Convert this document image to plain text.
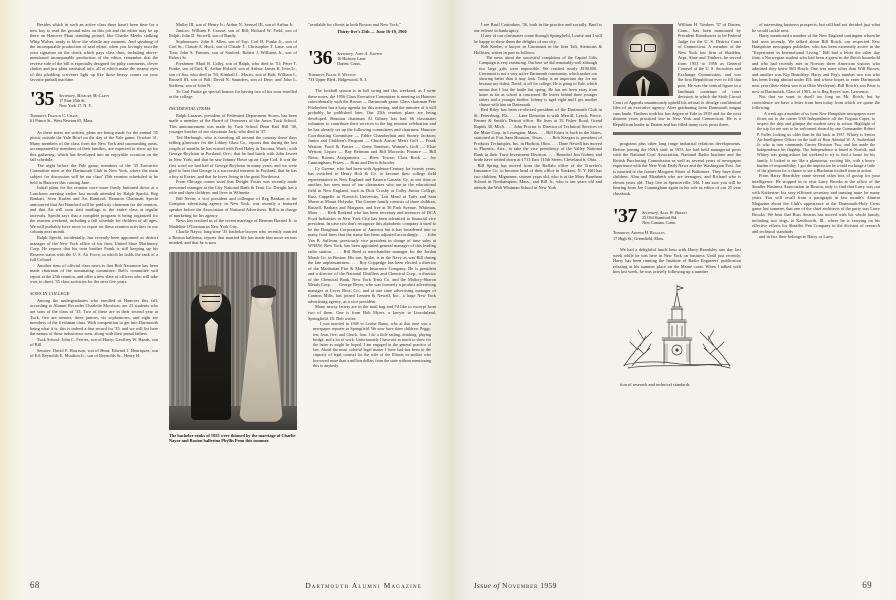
Besides which in such an active class there hasn't been time for a new boy to read the ground rules on this job and the editor may be up there on Hanover Plain standing poised, like Charlie Meeks stalking Whip Walser, ready to blow the whistle any moment. And speaking of the incomparable production of said editor, when you lovingly inscribe your signature on the check which pays class dues, including above-mentioned incomparable production of the editor, remember that the reverse side of the bill is especially designed for pithy comments, clever chatter and just plain statistical info, all of which make the steamy eyes of this plodding scrivener light up like those heavy counts on your favorite pinball machine.

'35 Secretary, Milburn McCarty
17 East 45th St.
New York 17, N. Y.
Treasurer, Francis C. Chase
61 Prince St., West Newton 65, Mass.

As these notes are written, plans are being made for the annual '35 picnic outside the Yale Bowl on the day of the Yale game, October 31. Many members of the class from the New York and surrounding areas, accompanied by members of their families, are expected to show up for this gathering, which has developed into an enjoyable occasion on the fall schedule.

The night before the Yale game, members of the '35 Executive Committee meet at the Dartmouth Club in New York, where the main subject for discussion will be our class' 25th reunion scheduled to be held in Hanover this coming June.

Initial plans for the reunion were more firmly buttoned down at a Luncheon meeting earlier last month attended by Ralph Specht, Reg Bankart, Sven Karlen and Art Bamford. Reunion Chairman Specht announced that Art Bamford will be publicity chairman for the reunion, and that Art will soon start mailings to the entire class at regular intervals. Specht says that a complete program is being organized for the reunion weekend, including a full schedule for children of all ages. We will probably have more to report on these reunion activities in our column next month.

Ralph Specht, incidentally, has recently been appointed as district manager of the New York office of his firm, United Shoe Machinery Corp. He reports that his twin brother Frank is still keeping up his Reserve status with the U. S. Air Force, in which he holds the rank of a full Colonel.

Another item of official class news is that Bob Naramore has been made chairman of the nominating committee. Bob's committee will report at the 25th reunion, and offer a new slate of officers who will take over to direct '35 class activities for the next five years.

SONS IN COLLEGE

Among the undergraduates who enrolled at Hanover this fall, according to Alumni Recorder Charlotte Morrison, are 23 students who are sons of the class of '35. Two of these are in their second year at Tuck, five are seniors, three juniors, six sophomores, and eight are members of the freshman class. With competition to get into Dartmouth being what it is, this is indeed a fine record for '35, and we will list here the names of these industrious sons, along with their proud fathers.

Tuck School: John C. Ferries, son of Harry; Geoffrey W. Hands, son of Bill.

Seniors: David F. Harrison, son of Hunt; Edward J. Henriquez, son of Ed; Reynolds E. Moulton Jr., son of Reynolds Sr.; Henry H.

Muller III, son of Henry Jr.; Arthur N. Seessel III, son of Arthur Jr.

Juniors: William F. Crouse, son of Bill; Richard W. Field, son of Ralph; John D. Stowell, son of Randy.

Sophomores: John S. Allen, son of Fay; Carl H. Funke Jr., son of Carl Sr.; Claude A. Huck, son of Claude T.; Christopher T. Lane, son of Tom; John S. Parsons, son of Sanford; Robert J. Williams Jr., son of Robert Sr.

Freshmen: Mark R. Colby, son of Ralph, who died in '51; Peter T. Funke, son of Carl; K. Arthur Holzoff, son of Arthur; James K. Irvin Jr., son of Jim, who died in '50; Kimball L. Morris, son of Bob; William L. Russell III, son of Bill; David N. Saunders, son of Dero; and John L. Steffens, son of John N.

To Carl Funke go special honors for having two of his sons enrolled at the college.

INCIDENTAL ITEMS

Ralph Lazarus, president of Federated Department Stores, has been made a member of the Board of Overseers of the Amos Tuck School. This announcement was made by Tuck School Dean Karl Hill '38, younger brother of our classmate Jack, who died in '37.

Ted Harbaugh, who is traveling all around the country these days selling glassware for the Libbey Glass Co., reports that during the last couple of months he has visited with Fred Haley in Tacoma, Wash.; with George Boylston in Portland, Ore.; that he had lunch with John Jewett in New York; and that he saw Johnny Howe up on Cape Cod. It was the first word we had had of George Boylston in many years, and we were glad to hear that George is a successful internist in Portland, that he has a boy at Exeter, and that he loves living in the great Northwest.

From Chicago comes word that Dwight Foster was recently made personnel manager at the City National Bank & Trust Co. Dwight has a wife and three children, and lives in Wilmette.

Bill Nevin, a vice president and colleague of Reg Bankart at the Compton advertising agency in New York, was recently a featured speaker before the Association of National Advertisers. Bill is in charge of marketing for his agency.

News has reached us of the recent marriage of Herman Hormel Jr. to Madeline O'Gorman in New York City.

Charlie Nayor, long-time '35 bachelor-lawyer who recently married a Boston ballerina, reports that married life has made him more serious minded, and that he is now

The bachelor ranks of 1955 were thinned by the marriage of Charlie Nayor and Boston ballerina Phyllis Penn this summer.

"available for clients in both Boston and New York."

Thirty-five's 25th — June 16-19, 1960
'36 Secretary, John A. Sawyer
16 Hickory Lane
Darien, Conn.
Treasurer, Frank S. Weston
733 Upper Blvd., Ridgewood, N. J.

The football season is in full swing and this weekend, as I write these notes, the 1956 Class Executive Committee is meeting in Hanover coincidentally with the Brown — Dartmouth game. Class chairman Pete Fitzherbert has a busy agenda for this meeting, and the minutes of it will probably be published later. Our 25th reunion plans are being developed. Reunion chairman Al Gibney has had 66 classmates volunteer to contribute their services to the big reunion celebration and he has already set up the following committees and chairmen: Hanover Coordinating Committee — Eddie Chamberlain and Stoney Jackson; Junior and Children's Program — Chuck Aaron; Men's Golf — Frank Weston; Food & Parties — Gene Tamburi; Women's Golf — Elsie Weston; Liquor — Ray Reitman and Bill Macorda; Finance — Bill Nims; Rooms Assignments — Brew Towne; Class Book — Joe Cunningham; Prizes — Brint and Doris Schooler.

Cy Greene, who had been with Appleton-Century for twenty years, has switched to Henry Holt & Co. to become their college field representative in New England and Eastern Canada. Cy, at one time or another, has seen most of our classmates who are in the educational field in New England, such as Dick Crosby at Colby Junior College, Russ Cappelle at Norwich University, Len Mead at Tufts and Sam Morse at Mount Holyoke. The Greene family consists of three children, Russell, Barbara and Margaret, and live at 56 Park Avenue, Whitman, Mass. . . . Herb Boskind who has been secretary and treasurer of DCA Food Industries in New York City has been advanced to financial vice president. In case you don't recognize this alphabetic company it used to be the Doughnut Corporation of America but it has broadened into so many food lines that the name has been adjusted accordingly. . . . John Van B. Sullivan, previously vice president in charge of time sales at WNEW, New York, has been appointed general manager of this leading radio station. . . . Bill Reed is merchandise manager for the Jordan Marsh Co. in Boston. His son, Spike, is in the Navy as was Bill during the late unpleasantness. . . . Roy Coppedge has been elected a director of the Manhattan Fire & Marine Insurance Company. He is president and a director of the National Distillers and Chemical Corp., a director of the Chemical Bank, New York Trust Co. and the Mallory-Sharon Metals Corp. . . . George Beyer, who was formerly a product advertising manager at Lever Bros. Co., and at one time advertising manager of Cannon Mills, has joined Lennen & Newell, Inc., a large New York advertising agency, as a vice president.

Many newsy letters are in the mail bag and I'd like to excerpt from two of them. One is from Bob Myers, a lawyer in Lincolnland, Springfield, Ill. Bob writes:

I was married in 1948 to Louise Burns, who at that time was a newspaper reporter in Springfield. We now have three children: Peggy, ten; Jean, five; and Chuck, four. I do a little sailing, drinking, playing bridge, and a lot of work. Unfortunately I have not as much to show for the latter as might be hoped. I am engaged in the general practice of law. About the most colorful legal matter I have had has been in the capacity of legal counsel for the wife of the Illinois ex-auditor who borrowed more than a million dollars from the state without mentioning this to anybody.

68	Dartmouth Alumni Magazine

I see Basil Coutrakon, '36, both in the practice and socially. Basil is our referee in bankruptcy.

If any of our classmates come through Springfield, Louise and I will be happy to show them the delights of our city.

Bob Keeler, a lawyer in Cincinnati in the firm Taft, Stettinius & Hollister, writes in part as follows:

The news about the successful completion of the Capital Gifts Campaign is very reassuring. Out here we did reasonably well although two large gifts were impossible. We reached nearly $100,000. Cincinnati is not a very active Dartmouth community, which makes our showing better than it may look. Today is an important day for me because my oldest, David, is off for college. He is going to Yale, which means that I lost the battle last spring. He has not been away from home as far as school is concerned. He leaves behind three younger sisters and a younger brother. Johnny is aged eight and I get another chance with him on Dartmouth.

Red Riley has been re-elected president of the Dartmouth Club in St. Petersburg, Fla. . . . Lane Donovan is with Merrill, Lynch, Pierce, Fenner & Smith's Detroit office. He lives at 33 Fisher Road, Grand Rapids 30, Mich. . . . John Proctor is Director of Technical Services of the Mitre Corp. in Lexington, Mass. . . . Bill Essex is back in the States, stationed at Fort Sam Houston, Texas. . . . Bob Keegan is president of Products Techniques, Inc. in Hudson, Ohio. . . . Dane Newell has moved to Phoenix, Ariz., to take the vice presidency of the Valley National Bank in their Trust Investment Division. . . . Benedict Jim Gidney and bride have settled down at 1713 East 115th Street, Cleveland 6, Ohio. . . . Bill Spring has moved from the Buffalo office of the Traveler's Insurance Co. to become head of their office in Yonkers, N. Y. Bill has two children, Mignonne, sixteen years old, who is at the Mary Burnham School in Northampton, Mass., and Bill Jr., who is ten years old and attends the Walt Whitman School in New York

William H. Timbers '37 of Darien, Conn., has been nominated by President Eisenhower to be Federal Judge for the U. S. District Court of Connecticut. A member of the New York law firm of Skadden, Arps, Slate and Timbers, he served from 1953 to 1956 as General Counsel of the U. S. Securities and Exchange Commission, and was the first Republican ever to fill that post. He was the central figure in a landmark contempt of court decision, in which the Sixth Circuit Court of Appeals unanimously upheld his refusal to divulge confidential files of an executive agency. After graduating from Dartmouth magna cum laude, Timbers took his law degree at Yale in 1939 and for the next thirteen years practiced law in New York and Connecticut. He is a Republican leader in Darien and has filled many civic posts there.

programs plus other long range industrial relations developments. Before joining the INSA staff in 1953 Joe had held managerial posts with the National Coal Association, National Radio Institute and the British Purchasing Commission as well as several years of newspaper experience with the New York Daily News and the Washington Post. Joe is married to the former Margaret Slater of Baltimore. They have three children: Alan and Elizabeth who are teenagers, and Richard who is eleven years old. They live in Spencerville, Md. I am sure you will be hearing from Joe Cunningham again in his role as editor of our 25 year classbook.

'37 Secretary, Alan W. Bryant
25 Old Stamford Rd.
New Canaan, Conn.
Treasurer, Arthur H. Ruggles
17 High St., Greenfield, Mass.

We had a delightful lunch hour with Harry Beardsley one day last week while he was here in New York on business. Until just recently, Harry has been running the Institute of Radio Engineers' publication relaxing at his summer place on the Maine coast. When I talked with him last week, he was actively following up a number

tion of research and technical standards

of interesting business prospects, but still had not decided just what he would tackle next.

Harry mentioned a number of the New England contingent whom he had seen recently. We talked about Bill Rotch, our respected New Hampshire newspaper publisher, who has been extremely active in the "Experiment in International Living." Bill had a letter the other day from a Norwegian student who had been a guest in the Rotch household and who had recently met in Norway three American visitors who admitted they knew Bill Rotch. One was none other than Will Brown, and another was Kip Beardsley. Harry and Peg's number two son who has been living abroad under EIL and whose hopes to enter Dartmouth next year (their eldest son is at Ohio Wesleyan). Bill Rotch's son Peter is now at Dartmouth, Class of 1963, as is Reg Keyes' son, Lawrence.

Not that we want to dwell too long on Mr. Rotch, but by coincidence we have a letter from him today from which we quote the following:

A week ago a number of us from New Hampshire newspapers were flown out to the carrier USS Independence off the Virginia Capes, to inspect the ship and glimpse the modern navy in action. Highlight of the trip for me was to be welcomed aboard by one Commander Robert P. Fuller, looking no older than he did back in 1937. Whitey is Senior Air Intelligence Officer on the staff of Rear Admiral W. A. Sutherland Jr. who in turn commands Carrier Division Two, and has made the Independence his flagship. The Independence is based at Norfolk, and Whitey was going ashore last weekend to try to find a house for his family. It looked to me like a glamorous, exciting life, with a heavy burden of responsibility. I got the impression he would exchange a little of the glamour for a chance to see a Blackman football team in action.

From Harry Beardsley came several other bits of gossip for your intelligence. He stopped in to visit Larry Brooks at the office of the Smaller Business Association in Boston, only to find that Larry was out with Katherine, his very efficient secretary and running mate for many years. You will recall from a paragraph in last month's Alumni Magazine about the Club's appearance at the Dartmouth-Holy Cross game last summer, that one of the chief architects of the party was Larry Brooks. We hear that Russ Stearns has moved with his whole family, including two dogs, to Kenilworth, Ill., where he is carrying on his effective efforts for Sheaffer Pen Company in the division of research and technical standards

and in fact their belongs to Harry or Larry.

Issue of November 1959	69
